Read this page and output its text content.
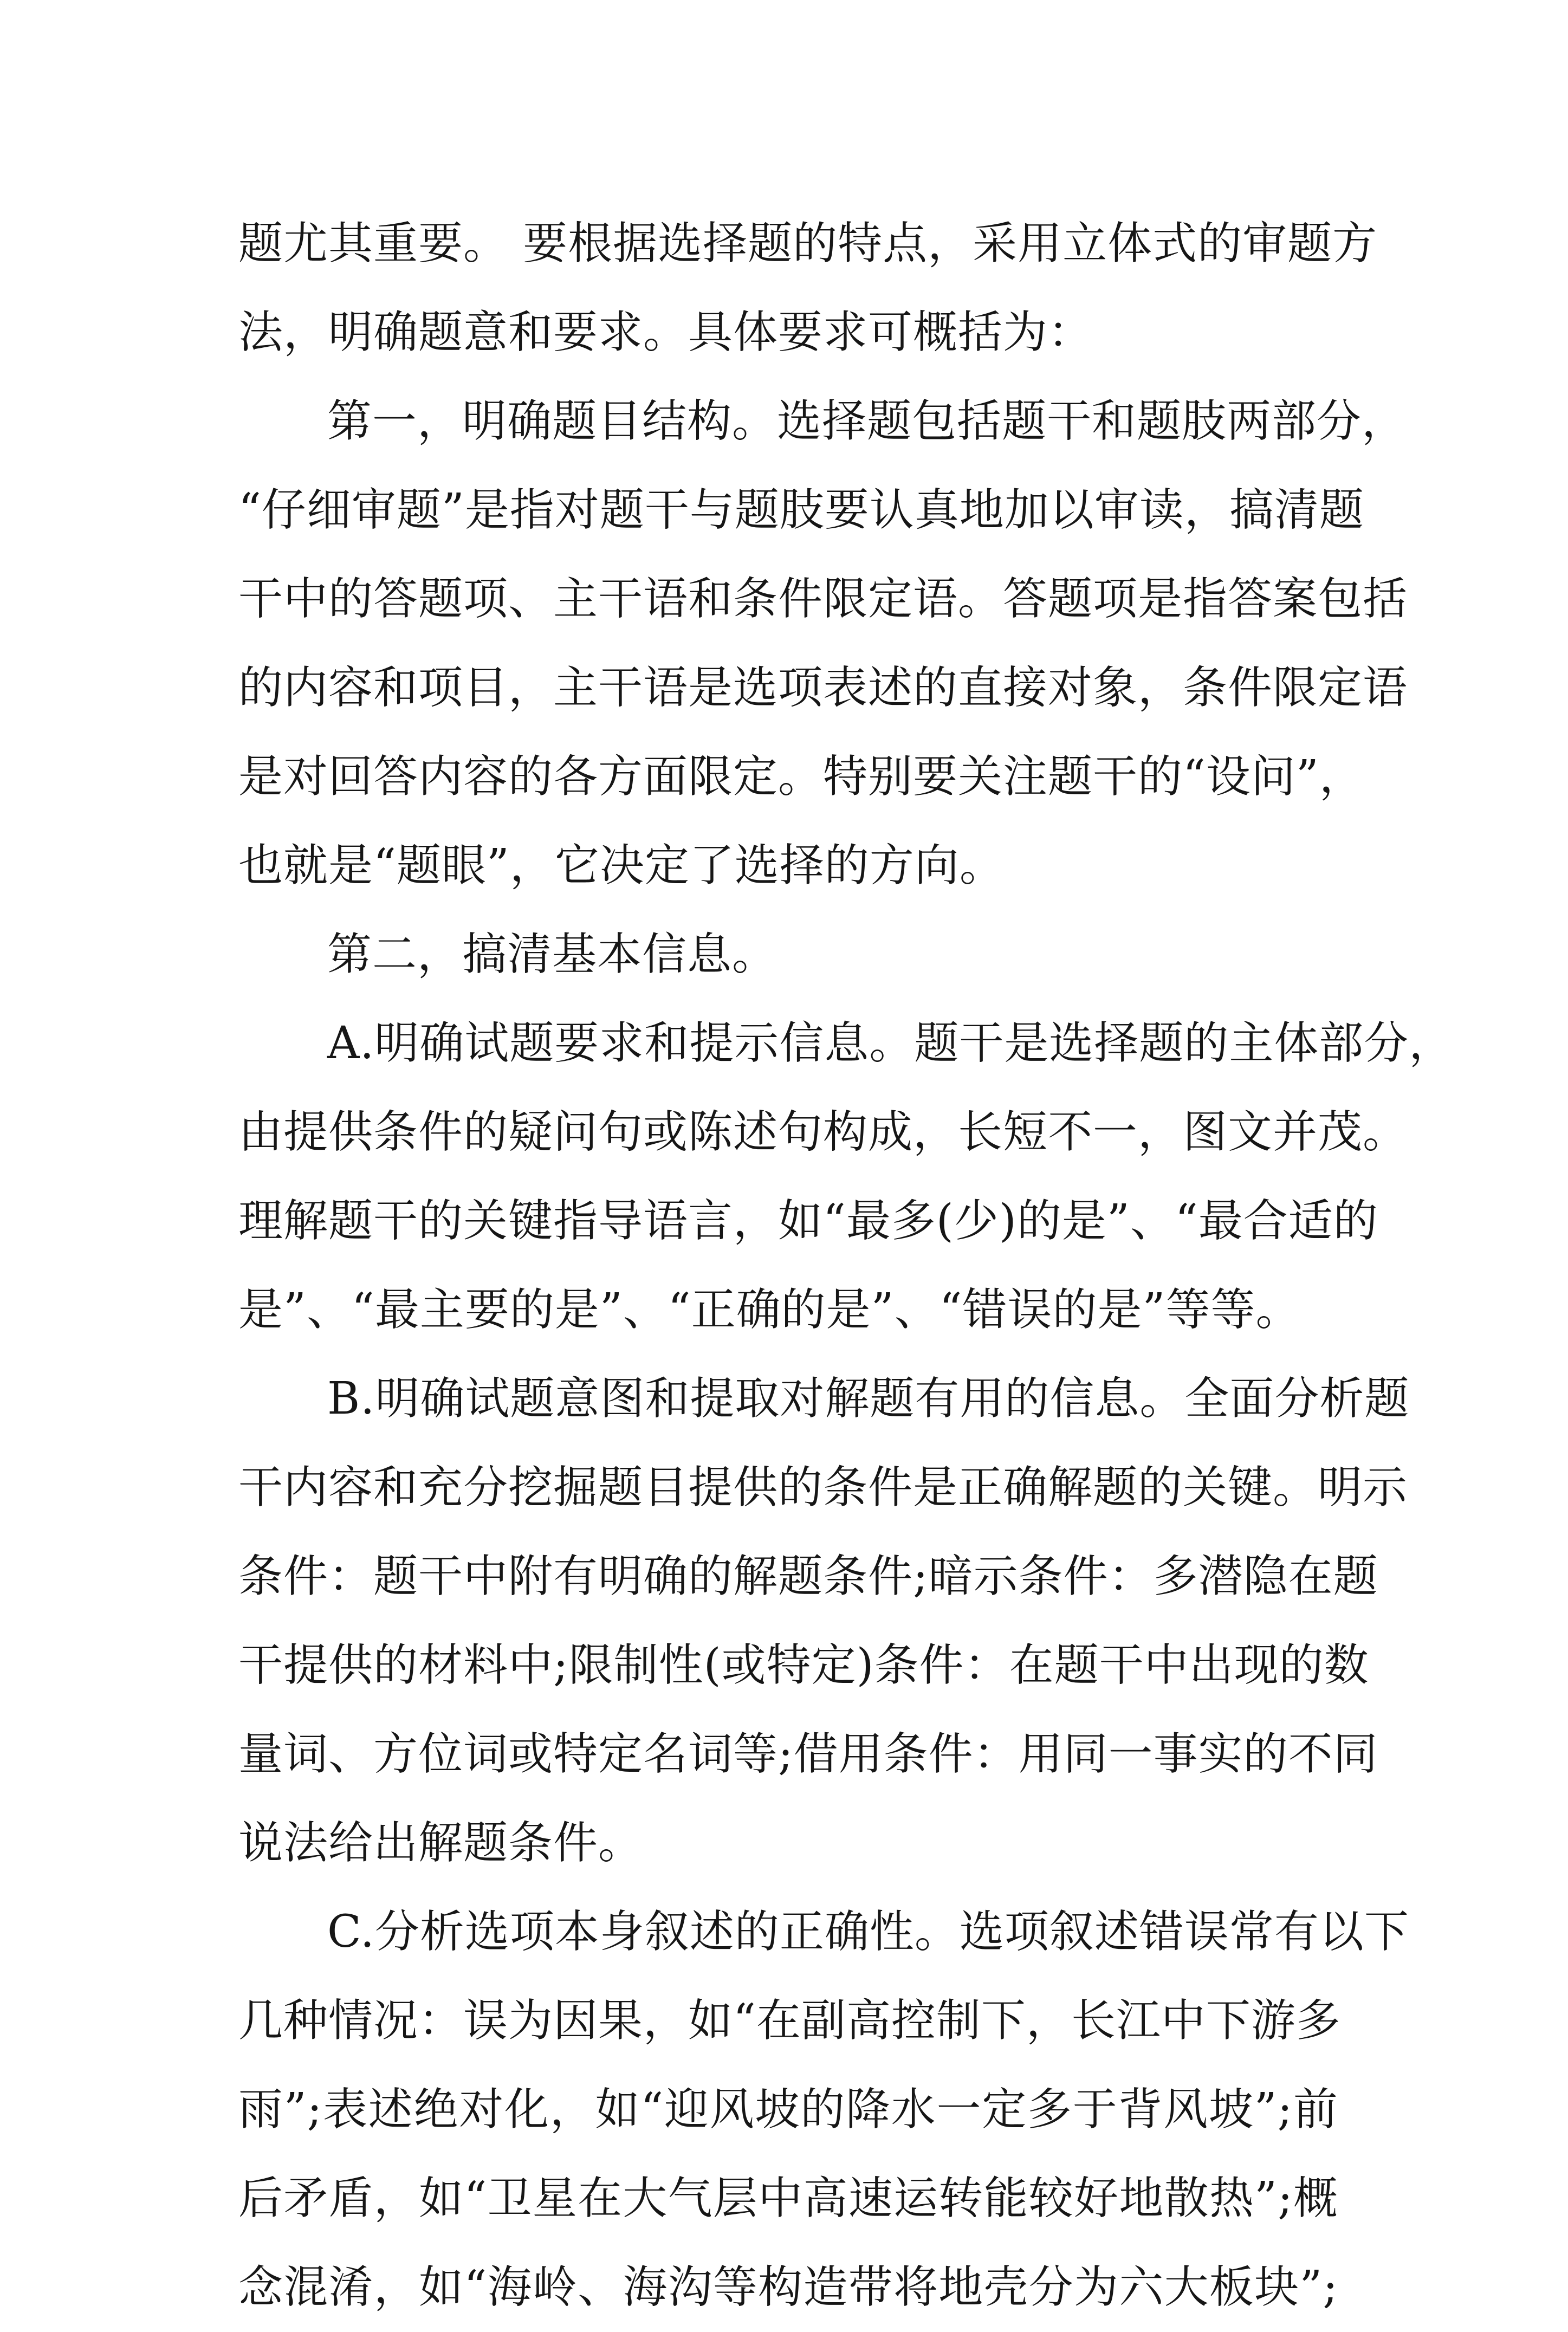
题尤其重要。 要根据选择题的特点，采用立体式的审题方
法，明确题意和要求。具体要求可概括为：
第一，明确题目结构。选择题包括题干和题肢两部分，
“仔细审题”是指对题干与题肢要认真地加以审读，搞清题
干中的答题项、主干语和条件限定语。答题项是指答案包括
的内容和项目，主干语是选项表述的直接对象，条件限定语
是对回答内容的各方面限定。特别要关注题干的“设问”，
也就是“题眼”，它决定了选择的方向。
第二，搞清基本信息。
A.明确试题要求和提示信息。题干是选择题的主体部分，
由提供条件的疑问句或陈述句构成，长短不一，图文并茂。
理解题干的关键指导语言，如“最多(少)的是”、“最合适的
是”、“最主要的是”、“正确的是”、“错误的是”等等。
B.明确试题意图和提取对解题有用的信息。全面分析题
干内容和充分挖掘题目提供的条件是正确解题的关键。明示
条件：题干中附有明确的解题条件;暗示条件：多潜隐在题
干提供的材料中;限制性(或特定)条件：在题干中出现的数
量词、方位词或特定名词等;借用条件：用同一事实的不同
说法给出解题条件。
C.分析选项本身叙述的正确性。选项叙述错误常有以下
几种情况：误为因果，如“在副高控制下，长江中下游多
雨”;表述绝对化，如“迎风坡的降水一定多于背风坡”;前
后矛盾，如“卫星在大气层中高速运转能较好地散热”;概
念混淆，如“海岭、海沟等构造带将地壳分为六大板块”;
